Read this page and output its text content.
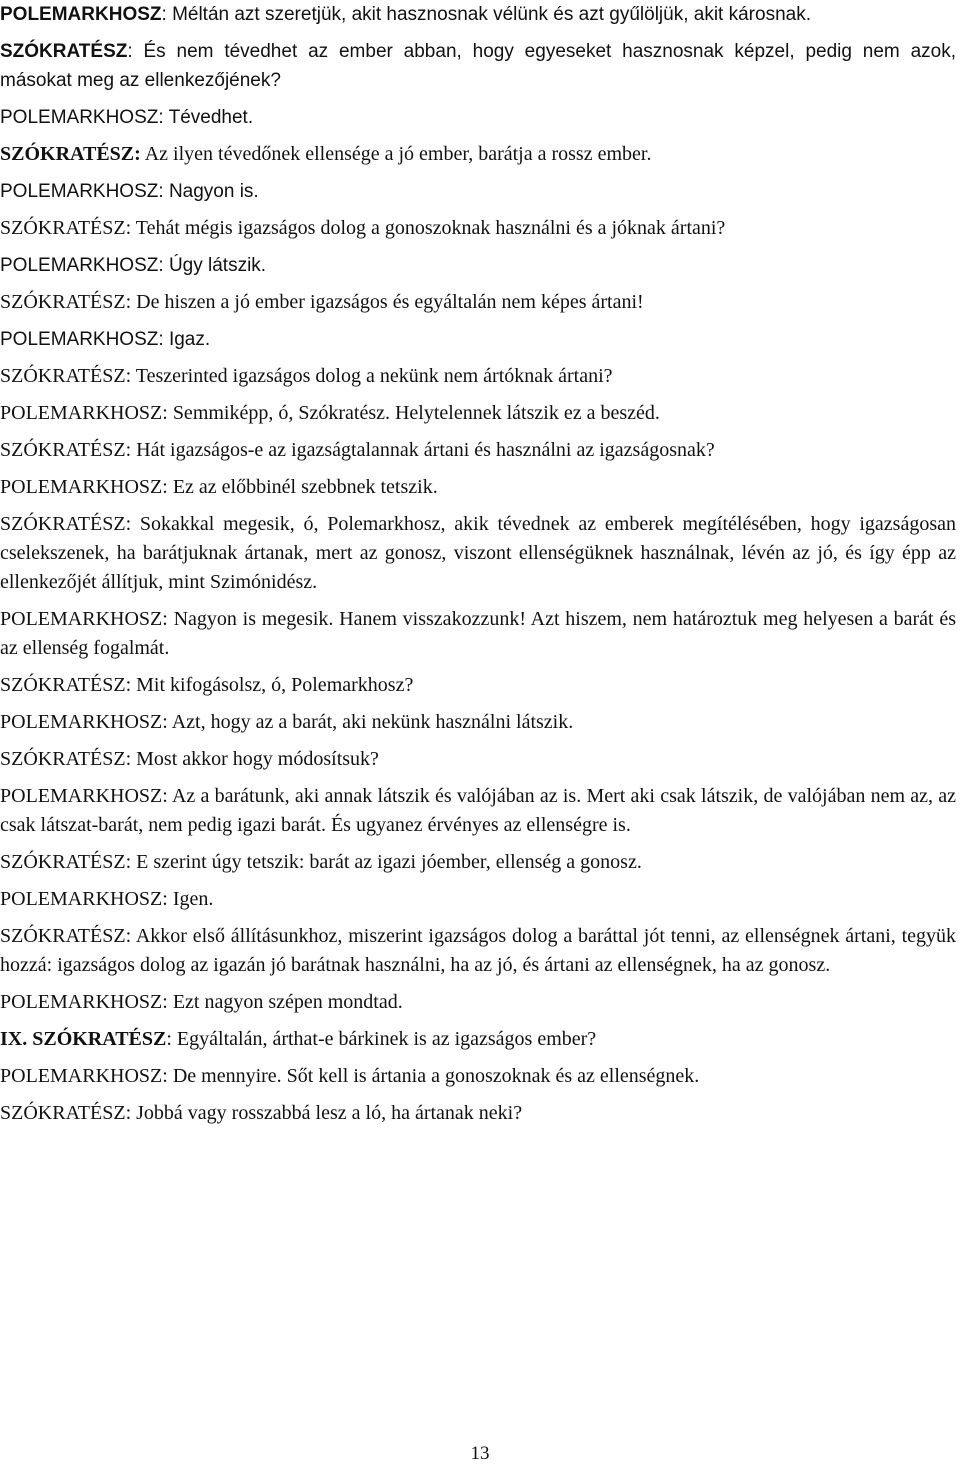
POLEMARKHOSZ: Méltán azt szeretjük, akit hasznosnak vélünk és azt gyűlöljük, akit károsnak.

SZÓKRATÉSZ: És nem tévedhet az ember abban, hogy egyeseket hasznosnak képzel, pedig nem azok, másokat meg az ellenkezőjének?

POLEMARKHOSZ: Tévedhet.

SZÓKRATÉSZ: Az ilyen tévedőnek ellensége a jó ember, barátja a rossz ember.

POLEMARKHOSZ: Nagyon is.

SZÓKRATÉSZ: Tehát mégis igazságos dolog a gonoszoknak használni és a jóknak ártani?

POLEMARKHOSZ: Úgy látszik.

SZÓKRATÉSZ: De hiszen a jó ember igazságos és egyáltalán nem képes ártani!

POLEMARKHOSZ: Igaz.

SZÓKRATÉSZ: Teszerinted igazságos dolog a nekünk nem ártóknak ártani?

POLEMARKHOSZ: Semmiképp, ó, Szókratész. Helytelennek látszik ez a beszéd.

SZÓKRATÉSZ: Hát igazságos-e az igazságtalannak ártani és használni az igazságosnak?

POLEMARKHOSZ: Ez az előbbinél szebbnek tetszik.

SZÓKRATÉSZ: Sokakkal megesik, ó, Polemarkhosz, akik tévednek az emberek megítélésében, hogy igazságosan cselekszenek, ha barátjuknak ártanak, mert az gonosz, viszont ellenségüknek használnak, lévén az jó, és így épp az ellenkezőjét állítjuk, mint Szimónidész.

POLEMARKHOSZ: Nagyon is megesik. Hanem visszakozzunk! Azt hiszem, nem határoztuk meg helyesen a barát és az ellenség fogalmát.

SZÓKRATÉSZ: Mit kifogásolsz, ó, Polemarkhosz?

POLEMARKHOSZ: Azt, hogy az a barát, aki nekünk használni látszik.

SZÓKRATÉSZ: Most akkor hogy módosítsuk?

POLEMARKHOSZ: Az a barátunk, aki annak látszik és valójában az is. Mert aki csak látszik, de valójában nem az, az csak látszat-barát, nem pedig igazi barát. És ugyanez érvényes az ellenségre is.

SZÓKRATÉSZ: E szerint úgy tetszik: barát az igazi jóember, ellenség a gonosz.

POLEMARKHOSZ: Igen.

SZÓKRATÉSZ: Akkor első állításunkhoz, miszerint igazságos dolog a baráttal jót tenni, az ellenségnek ártani, tegyük hozzá: igazságos dolog az igazán jó barátnak használni, ha az jó, és ártani az ellenségnek, ha az gonosz.

POLEMARKHOSZ: Ezt nagyon szépen mondtad.

IX. SZÓKRATÉSZ: Egyáltalán, árthat-e bárkinek is az igazságos ember?

POLEMARKHOSZ: De mennyire. Sőt kell is ártania a gonoszoknak és az ellenségnek.

SZÓKRATÉSZ: Jobbá vagy rosszabbá lesz a ló, ha ártanak neki?

13
